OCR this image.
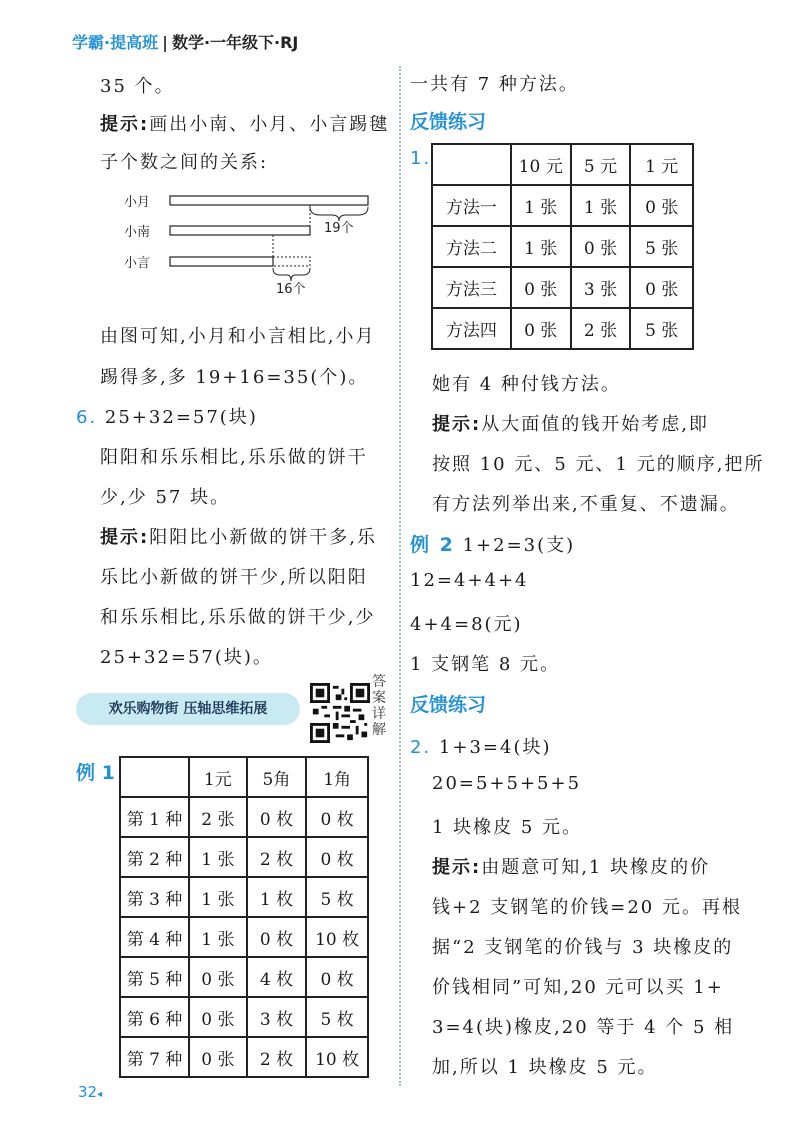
学霸·提高班 | 数学·一年级下·RJ
35 个。
提示:画出小南、小月、小言踢毽
子个数之间的关系:
小月
小南
小言
19个
16个
由图可知,小月和小言相比,小月
踢得多,多 19+16=35(个)。
6. 25+32=57(块)
阳阳和乐乐相比,乐乐做的饼干
少,少 57 块。
提示:阳阳比小新做的饼干多,乐
乐比小新做的饼干少,所以阳阳
和乐乐相比,乐乐做的饼干少,少
25+32=57(块)。
欢乐购物街 压轴思维拓展
答案详解
例 1
		1元	5角	1角
第 1 种	2 张	0 枚	0 枚
第 2 种	1 张	2 枚	0 枚
第 3 种	1 张	1 枚	5 枚
第 4 种	1 张	0 枚	10 枚
第 5 种	0 张	4 枚	0 枚
第 6 种	0 张	3 枚	5 枚
第 7 种	0 张	2 枚	10 枚
32◂
一共有 7 种方法。
反馈练习
1.
		10 元	5 元	1 元
方法一	1 张	1 张	0 张
方法二	1 张	0 张	5 张
方法三	0 张	3 张	0 张
方法四	0 张	2 张	5 张
她有 4 种付钱方法。
提示:从大面值的钱开始考虑,即
按照 10 元、5 元、1 元的顺序,把所
有方法列举出来,不重复、不遗漏。
例 2 1+2=3(支)
12=4+4+4
4+4=8(元)
1 支钢笔 8 元。
反馈练习
2. 1+3=4(块)
20=5+5+5+5
1 块橡皮 5 元。
提示:由题意可知,1 块橡皮的价
钱+2 支钢笔的价钱=20 元。再根
据“2 支钢笔的价钱与 3 块橡皮的
价钱相同”可知,20 元可以买 1+
3=4(块)橡皮,20 等于 4 个 5 相
加,所以 1 块橡皮 5 元。
